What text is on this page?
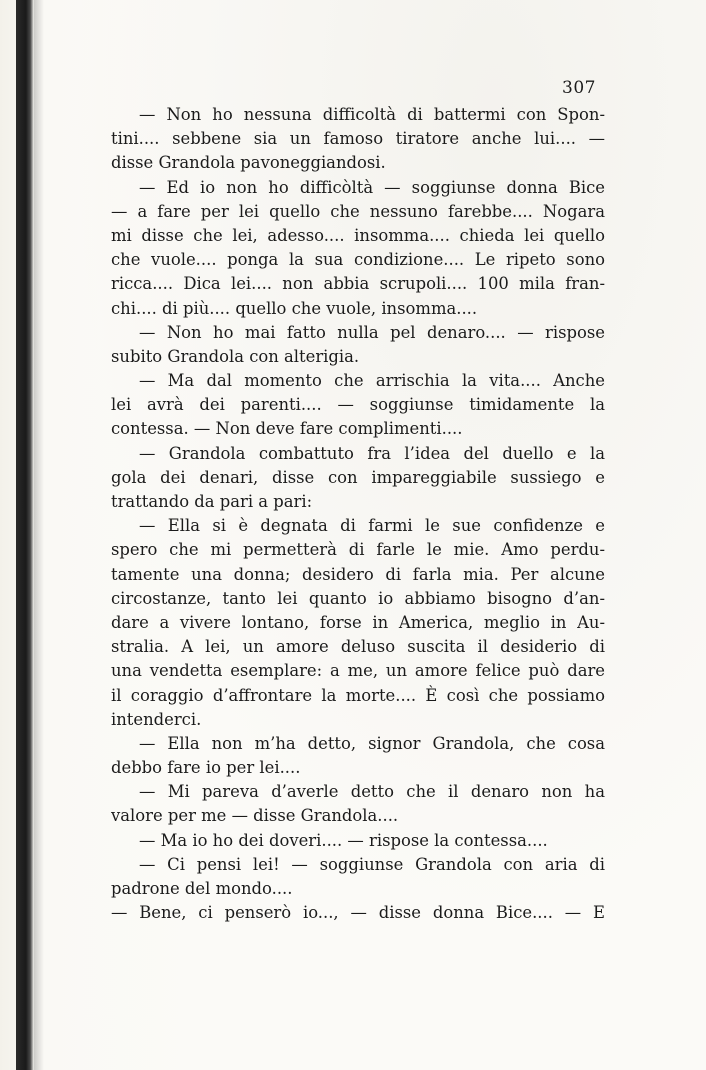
307
— Non ho nessuna difficoltà di battermi con Spon-
tini.... sebbene sia un famoso tiratore anche lui.... —
disse Grandola pavoneggiandosi.
— Ed io non ho difficòltà — soggiunse donna Bice
— a fare per lei quello che nessuno farebbe.... Nogara
mi disse che lei, adesso.... insomma.... chieda lei quello
che vuole.... ponga la sua condizione.... Le ripeto sono
ricca.... Dica lei.... non abbia scrupoli.... 100 mila fran-
chi.... di più.... quello che vuole, insomma....
— Non ho mai fatto nulla pel denaro.... — rispose
subito Grandola con alterigia.
— Ma dal momento che arrischia la vita.... Anche
lei avrà dei parenti.... — soggiunse timidamente la
contessa. — Non deve fare complimenti....
— Grandola combattuto fra l’idea del duello e la
gola dei denari, disse con impareggiabile sussiego e
trattando da pari a pari:
— Ella si è degnata di farmi le sue confidenze e
spero che mi permetterà di farle le mie. Amo perdu-
tamente una donna; desidero di farla mia. Per alcune
circostanze, tanto lei quanto io abbiamo bisogno d’an-
dare a vivere lontano, forse in America, meglio in Au-
stralia. A lei, un amore deluso suscita il desiderio di
una vendetta esemplare: a me, un amore felice può dare
il coraggio d’affrontare la morte.... È così che possiamo
intenderci.
— Ella non m’ha detto, signor Grandola, che cosa
debbo fare io per lei....
— Mi pareva d’averle detto che il denaro non ha
valore per me — disse Grandola....
— Ma io ho dei doveri.... — rispose la contessa....
— Ci pensi lei! — soggiunse Grandola con aria di
padrone del mondo....
— Bene, ci penserò io..., — disse donna Bice.... — E
